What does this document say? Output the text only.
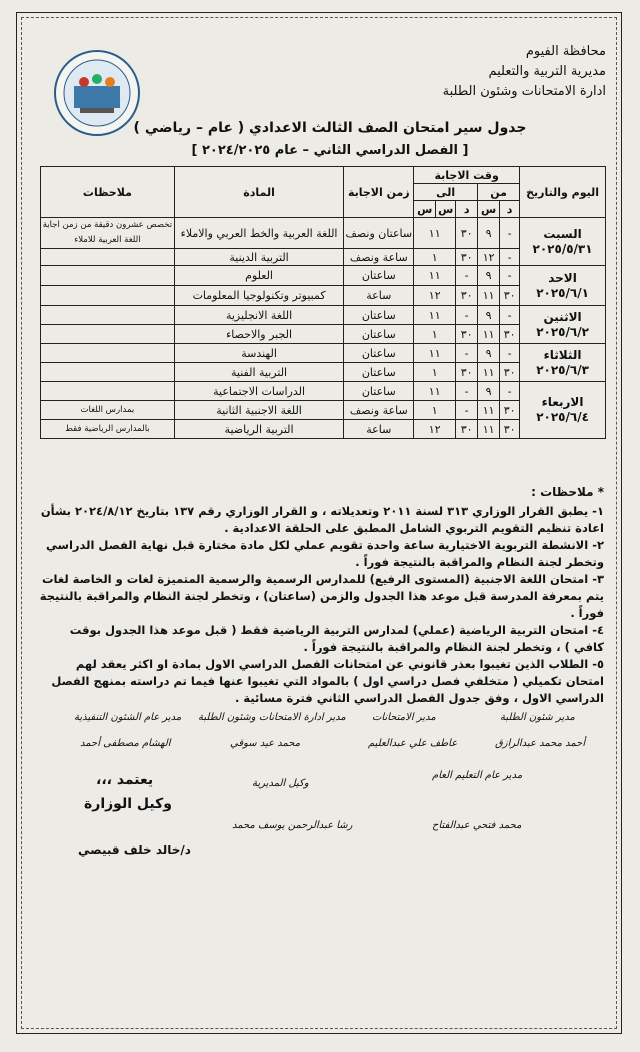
محافظة الفيوم
مديرية التربية والتعليم
ادارة الامتحانات وشئون الطلبة
جدول سير امتحان الصف الثالث الاعدادي ( عام – رياضي )
[ الفصل الدراسي الثاني – عام ٢٠٢٤/٢٠٢٥ ]
اليوم والتاريخ	وقت الاجابة					زمن الاجابة	المادة	ملاحظات
	من		الى					
	د	س	د	س	س			

السبت
٢٠٢٥/٥/٣١	-	٩	٣٠	١١		ساعتان ونصف	اللغة العربية والخط العربي والاملاء	تخصص عشرون دقيقة من زمن اجابة اللغة العربية للاملاء
	-	١٢	٣٠	١		ساعة ونصف	التربية الدينية	

الاحد
٢٠٢٥/٦/١	-	٩	-	١١		ساعتان	العلوم	
	٣٠	١١	٣٠	١٢		ساعة	كمبيوتر وتكنولوجيا المعلومات	

الاثنين
٢٠٢٥/٦/٢	-	٩	-	١١		ساعتان	اللغة الانجليزية	
	٣٠	١١	٣٠	١		ساعتان	الجبر والاحصاء	

الثلاثاء
٢٠٢٥/٦/٣	-	٩	-	١١		ساعتان	الهندسة	
	٣٠	١١	٣٠	١		ساعتان	التربية الفنية	

الاربعاء
٢٠٢٥/٦/٤	-	٩	-	١١		ساعتان	الدراسات الاجتماعية	
	٣٠	١١	-	١		ساعة ونصف	اللغة الاجنبية الثانية	بمدارس اللغات
	٣٠	١١	٣٠	١٢		ساعة	التربية الرياضية	بالمدارس الرياضية فقط

* ملاحظات :

١- يطبق القرار الوزاري ٣١٣ لسنة ٢٠١١ وتعديلاته ، و القرار الوزاري رقم ١٣٧ بتاريخ ٢٠٢٤/٨/١٢ بشأن اعادة تنظيم التقويم التربوي الشامل المطبق على الحلقة الاعدادية .

٢- الانشطة التربوية الاختيارية ساعة واحدة تقويم عملي لكل مادة مختارة قبل نهاية الفصل الدراسي وتخطر لجنة النظام والمراقبة بالنتيجة فوراً .

٣- امتحان اللغة الاجنبية (المستوى الرفيع) للمدارس الرسمية والرسمية المتميزة لغات و الخاصة لغات يتم بمعرفة المدرسة قبل موعد هذا الجدول والزمن (ساعتان) ، وتخطر لجنة النظام والمراقبة بالنتيجة فوراً .

٤- امتحان التربية الرياضية (عملي) لمدارس التربية الرياضية فقط ( قبل موعد هذا الجدول بوقت كافي ) ، وتخطر لجنة النظام والمراقبة بالنتيجة فوراً .

٥- الطلاب الذين تغيبوا بعذر قانوني عن امتحانات الفصل الدراسي الاول بمادة او اكثر يعقد لهم امتحان تكميلي ( متخلفي فصل دراسي اول ) بالمواد التي تغيبوا عنها فيما تم دراسته بمنهج الفصل الدراسي الاول ، وفق جدول الفصل الدراسي الثاني فترة مسائية .

مدير شئون الطلبة
مدير الامتحانات
مدير ادارة الامتحانات وشئون الطلبة
مدير عام الشئون التنفيذية
أحمد محمد عبدالرازق
عاطف علي عبدالعليم
محمد عيد سوقي
الهشام مصطفى أحمد
مدير عام التعليم العام
وكيل المديرية
يعتمد ،،،
وكيل الوزارة
محمد فتحي عبدالفتاح
رشا عبدالرحمن يوسف محمد
د/خالد خلف قبيصي
